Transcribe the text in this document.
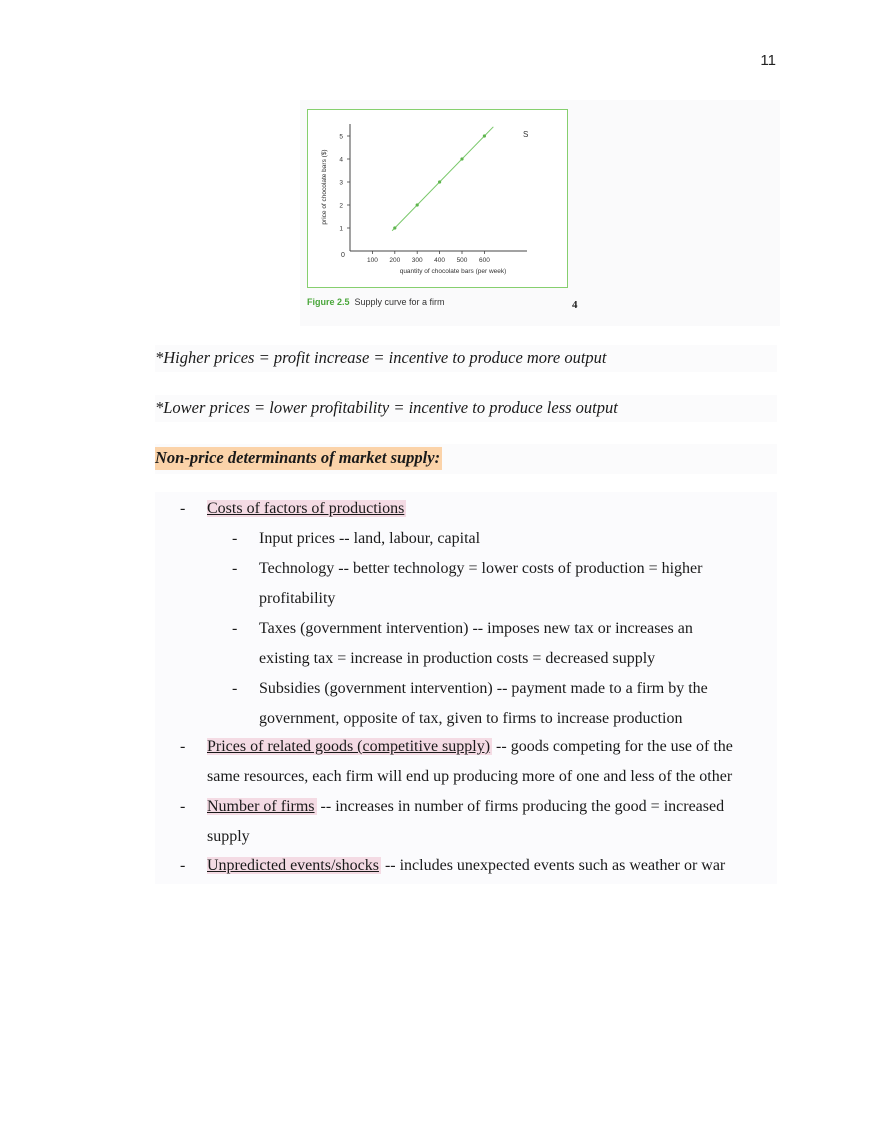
11
0
S
quantity of chocolate bars (per week)
price of chocolate bars ($)
100 200 300 400 500 600
1
2
3
4
5
Figure 2.5 Supply curve for a firm	4
*Higher prices = profit increase = incentive to produce more output
*Lower prices = lower profitability = incentive to produce less output
Non-price determinants of market supply:
- Costs of factors of productions
- Input prices -- land, labour, capital
- Technology -- better technology = lower costs of production = higher
profitability
- Taxes (government intervention) -- imposes new tax or increases an
existing tax = increase in production costs = decreased supply
- Subsidies (government intervention) -- payment made to a firm by the
government, opposite of tax, given to firms to increase production
- Prices of related goods (competitive supply) -- goods competing for the use of the
same resources, each firm will end up producing more of one and less of the other
- Number of firms -- increases in number of firms producing the good = increased
supply
- Unpredicted events/shocks -- includes unexpected events such as weather or war
